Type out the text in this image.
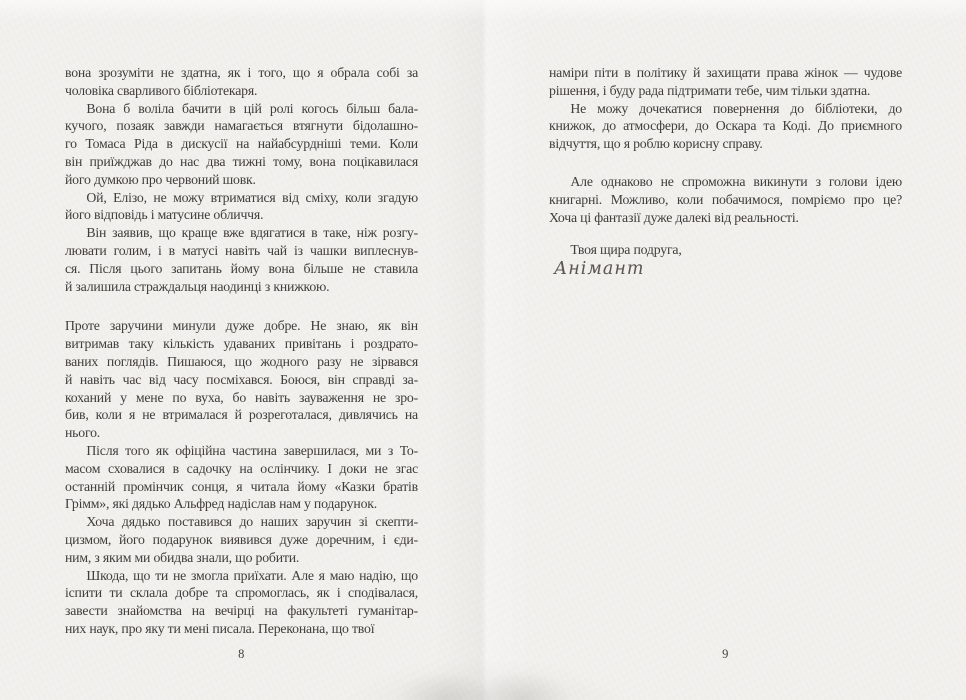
вона зрозуміти не здатна, як і того, що я обрала собі за
чоловіка сварливого бібліотекаря.

Вона б воліла бачити в цій ролі когось більш бала-
кучого, позаяк завжди намагається втягнути бідолашно-
го Томаса Ріда в дискусії на найабсурдніші теми. Коли
він приїжджав до нас два тижні тому, вона поцікавилася
його думкою про червоний шовк.

Ой, Елізо, не можу втриматися від сміху, коли згадую
його відповідь і матусине обличчя.

Він заявив, що краще вже вдягатися в таке, ніж розгу-
лювати голим, і в матусі навіть чай із чашки виплеснув-
ся. Після цього запитань йому вона більше не ставила
й залишила страждальця наодинці з книжкою.

Проте заручини минули дуже добре. Не знаю, як він
витримав таку кількість удаваних привітань і роздрато-
ваних поглядів. Пишаюся, що жодного разу не зірвався
й навіть час від часу посміхався. Боюся, він справді за-
коханий у мене по вуха, бо навіть зауваження не зро-
бив, коли я не втрималася й розреготалася, дивлячись на
нього.

Після того як офіційна частина завершилася, ми з То-
масом сховалися в садочку на ослінчику. І доки не згас
останній промінчик сонця, я читала йому «Казки братів
Грімм», які дядько Альфред надіслав нам у подарунок.

Хоча дядько поставився до наших заручин зі скепти-
цизмом, його подарунок виявився дуже доречним, і єди-
ним, з яким ми обидва знали, що робити.

Шкода, що ти не змогла приїхати. Але я маю надію, що
іспити ти склала добре та спромоглась, як і сподівалася,
завести знайомства на вечірці на факультеті гуманітар-
них наук, про яку ти мені писала. Переконана, що твої

8

наміри піти в політику й захищати права жінок — чудове
рішення, і буду рада підтримати тебе, чим тільки здатна.

Не можу дочекатися повернення до бібліотеки, до
книжок, до атмосфери, до Оскара та Коді. До приємного
відчуття, що я роблю корисну справу.

Але однаково не спроможна викинути з голови ідею
книгарні. Можливо, коли побачимося, помріємо про це?
Хоча ці фантазії дуже далекі від реальності.

Твоя щира подруга,

Анімант

9
